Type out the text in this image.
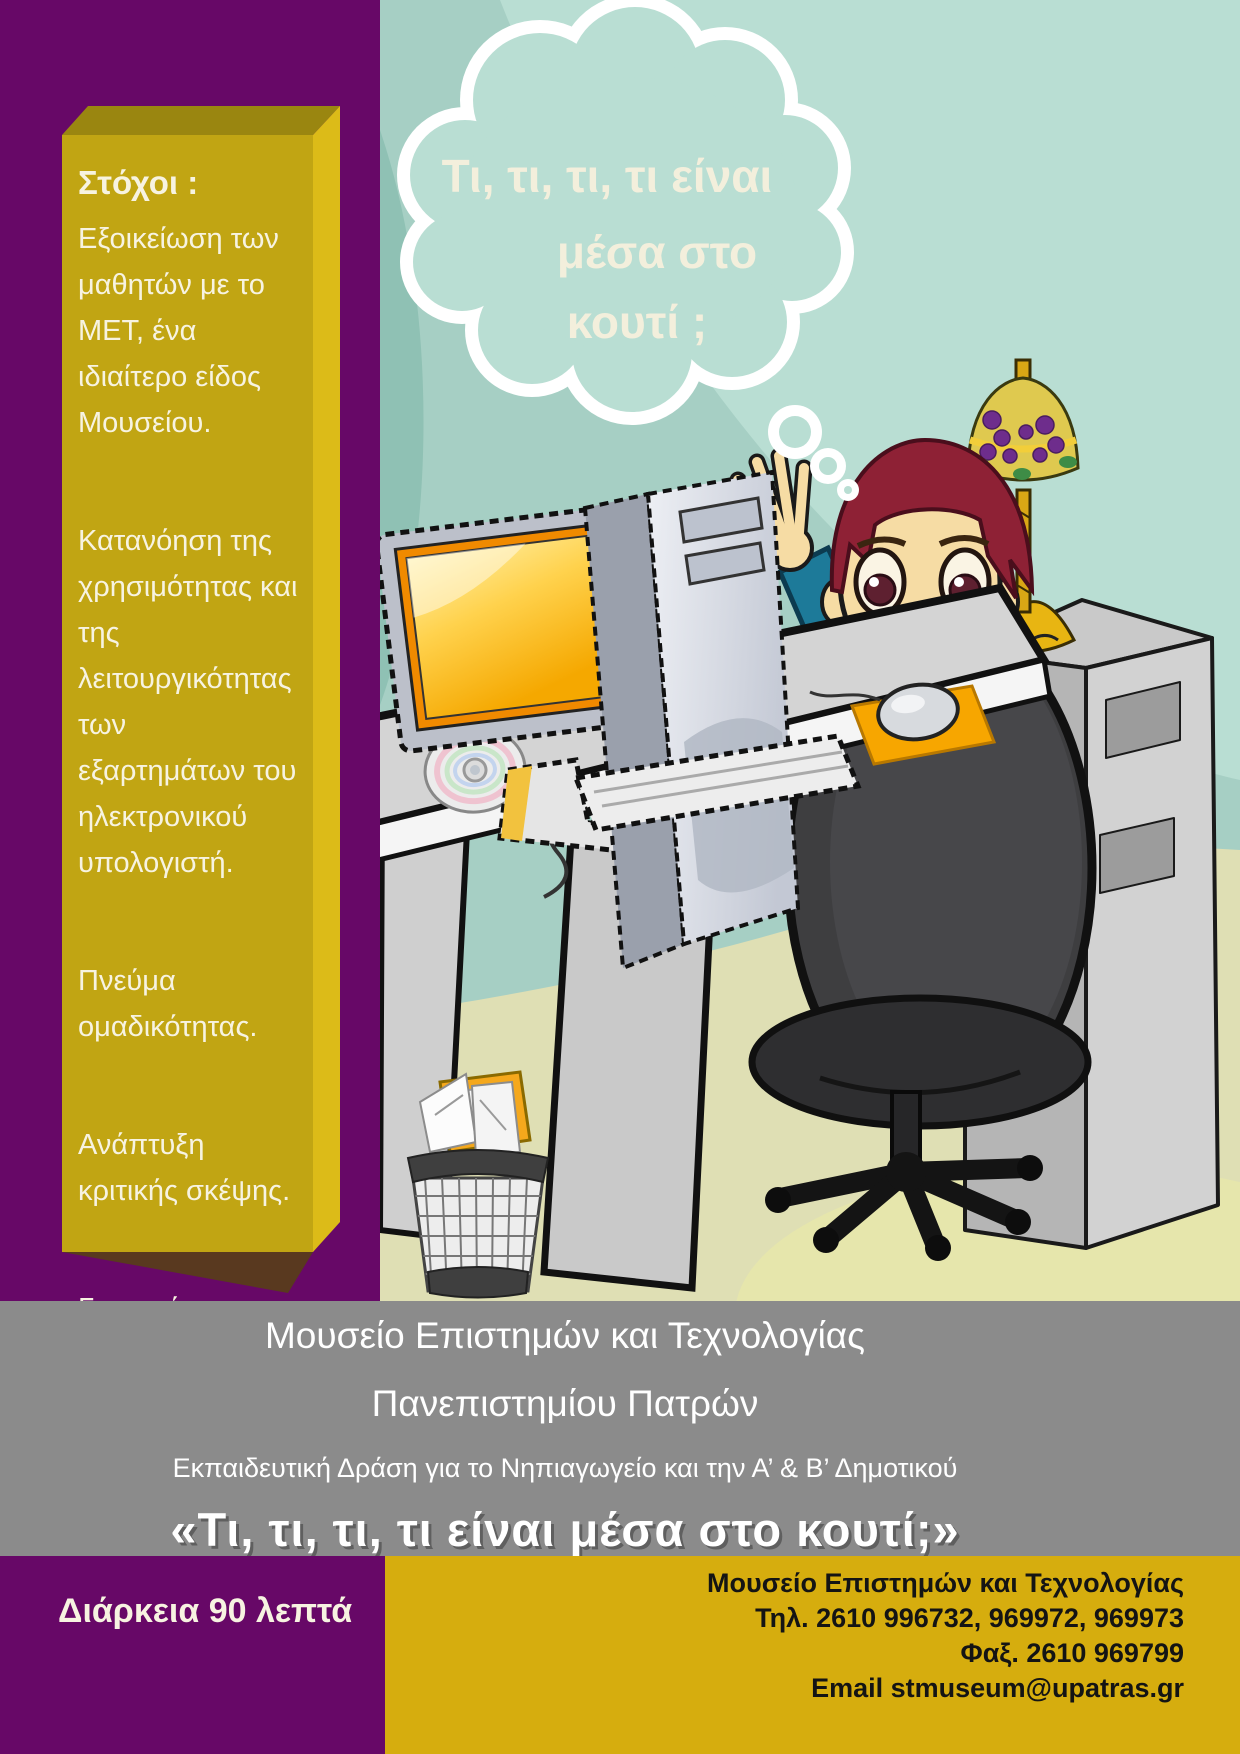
Στόχοι :

Εξοικείωση των μαθητών με το ΜΕΤ, ένα ιδιαίτερο είδος Μουσείου.

Κατανόηση της χρησιμότητας και της λειτουργικότητας των εξαρτημάτων του ηλεκτρονικού υπολογιστή.

Πνεύμα ομαδικότητας.

Ανάπτυξη κριτικής σκέψης.

Τι, τι, τι, τι είναι
μέσα στο
κουτί ;
Μουσείο Επιστημών και Τεχνολογίας
Πανεπιστημίου Πατρών
Εκπαιδευτική Δράση για το Νηπιαγωγείο και την Α’ & Β’ Δημοτικού
«Τι, τι, τι, τι είναι μέσα στο κουτί;»
Διάρκεια 90 λεπτά

Μουσείο Επιστημών και Τεχνολογίας

Τηλ. 2610 996732, 969972, 969973

Φαξ. 2610 969799

Email stmuseum@upatras.gr
